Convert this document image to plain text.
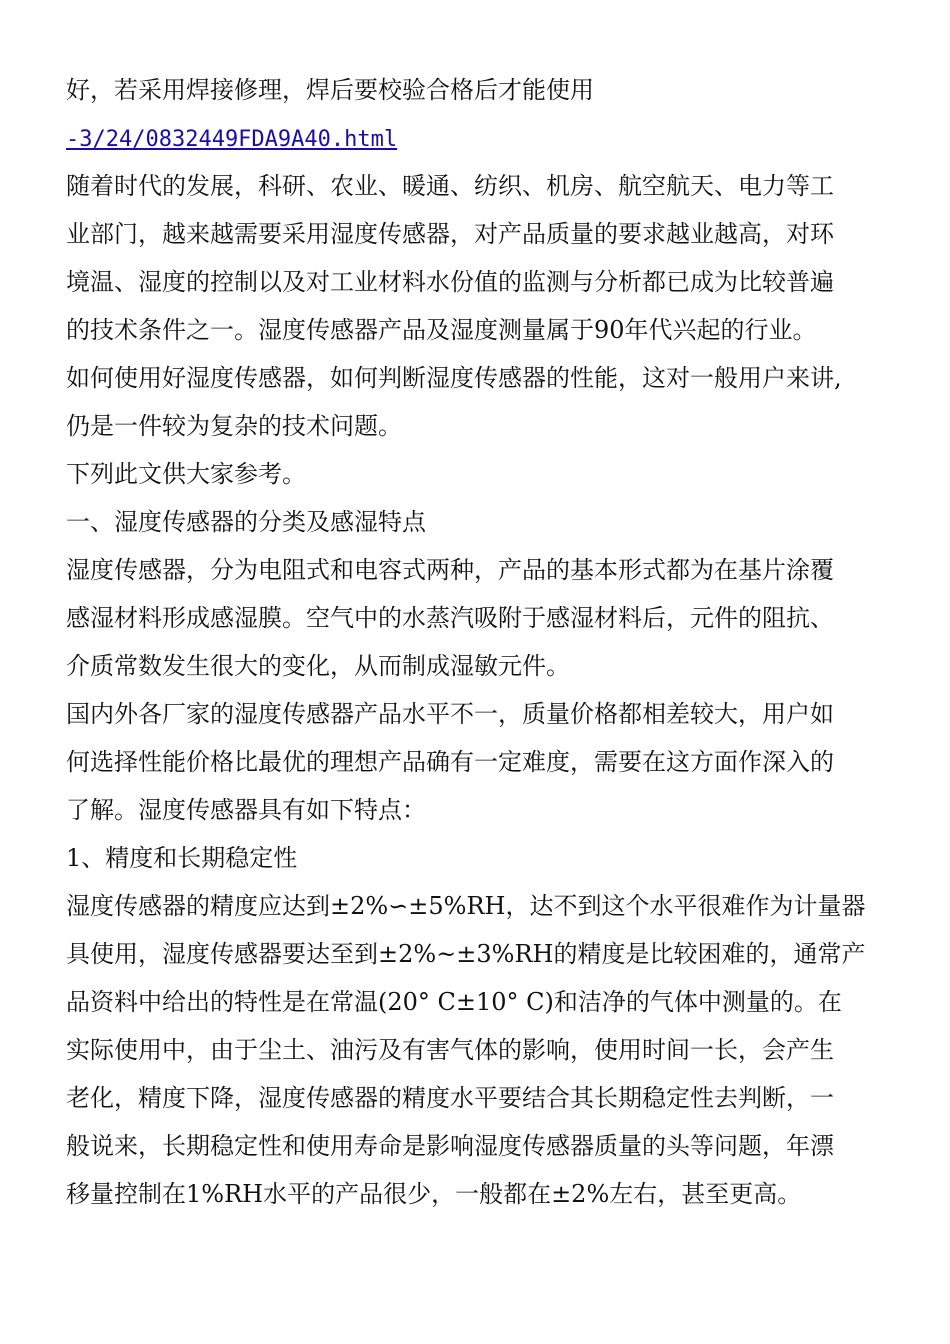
好，若采用焊接修理，焊后要校验合格后才能使用
-3/24/0832449FDA9A40.html
随着时代的发展，科研、农业、暖通、纺织、机房、航空航天、电力等工
业部门，越来越需要采用湿度传感器，对产品质量的要求越业越高，对环
境温、湿度的控制以及对工业材料水份值的监测与分析都已成为比较普遍
的技术条件之一。湿度传感器产品及湿度测量属于90年代兴起的行业。
如何使用好湿度传感器，如何判断湿度传感器的性能，这对一般用户来讲,
仍是一件较为复杂的技术问题。
下列此文供大家参考。
一、湿度传感器的分类及感湿特点
湿度传感器，分为电阻式和电容式两种，产品的基本形式都为在基片涂覆
感湿材料形成感湿膜。空气中的水蒸汽吸附于感湿材料后，元件的阻抗、
介质常数发生很大的变化，从而制成湿敏元件。
国内外各厂家的湿度传感器产品水平不一，质量价格都相差较大，用户如
何选择性能价格比最优的理想产品确有一定难度，需要在这方面作深入的
了解。湿度传感器具有如下特点：
1、精度和长期稳定性
湿度传感器的精度应达到±2%∽±5%RH，达不到这个水平很难作为计量器
具使用，湿度传感器要达至到±2%~±3%RH的精度是比较困难的，通常产
品资料中给出的特性是在常温(20° C±10° C)和洁净的气体中测量的。在
实际使用中，由于尘土、油污及有害气体的影响，使用时间一长，会产生
老化，精度下降，湿度传感器的精度水平要结合其长期稳定性去判断，一
般说来，长期稳定性和使用寿命是影响湿度传感器质量的头等问题，年漂
移量控制在1%RH水平的产品很少，一般都在±2%左右，甚至更高。
